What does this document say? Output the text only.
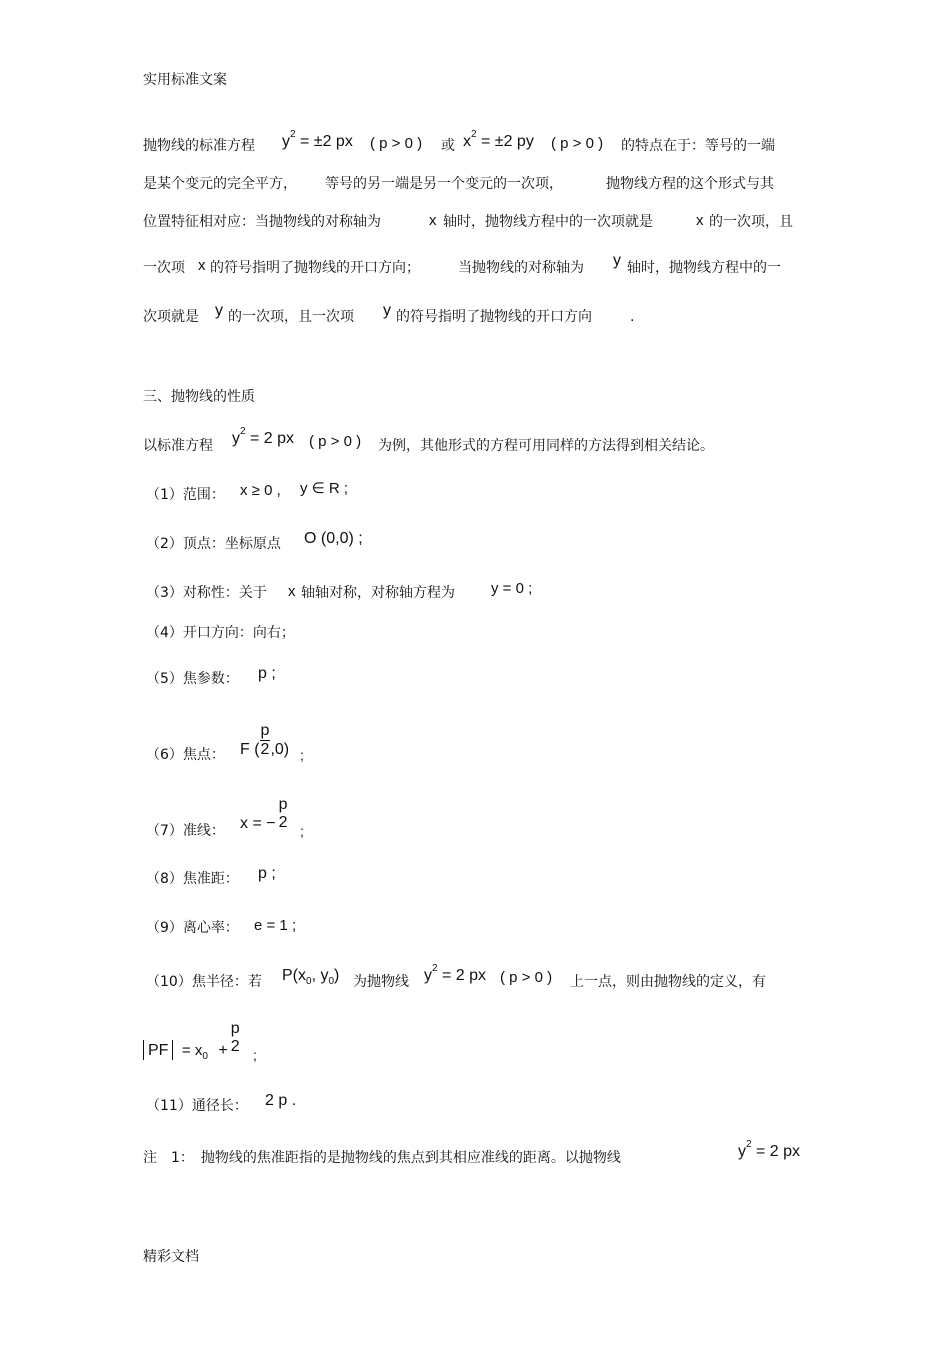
实用标准文案
抛物线的标准方程 $y^2 = \pm 2$ px ( p > 0 ) 或 $x^2 = \pm 2$ py ( p > 0 ) 的特点在于：等号的一端
是某个变元的完全平方， 等号的另一端是另一个变元的一次项，	抛物线方程的这个形式与其
位置特征相对应：当抛物线的对称轴为	x 轴时，抛物线方程中的一次项就是	x 的一次项，且
一次项 x 的符号指明了抛物线的开口方向；	当抛物线的对称轴为 y 轴时，抛物线方程中的一
次项就是 y 的一次项，且一次项 y 的符号指明了抛物线的开口方向	.
三、抛物线的性质
以标准方程 $y^2 = 2$ px ( p > 0 ) 为例，其他形式的方程可用同样的方法得到相关结论。
（1）范围： x ≥ 0 , y ∈ R ;
（2）顶点：坐标原点 O (0,0) ;
（3）对称性：关于 x 轴轴对称，对称轴方程为 y = 0 ;
（4）开口方向：向右；
（5）焦参数： p ;
（6）焦点： F ( $\frac{p}{2} ,0$) ;
（7）准线： x = −
p
2 ;
（8）焦准距： p ;
（9）离心率： e = 1 ;
（10）焦半径：若 $P(x_0$, $y_0$) 为抛物线 $y^2 = 2$ px ( p > 0 ) 上一点，则由抛物线的定义，有
PF = $x_0$ +
p
2 ;
（11）通径长： 2 p .
注　1：　抛物线的焦准距指的是抛物线的焦点到其相应准线的距离。以抛物线	$y^2 = 2$ px
精彩文档
